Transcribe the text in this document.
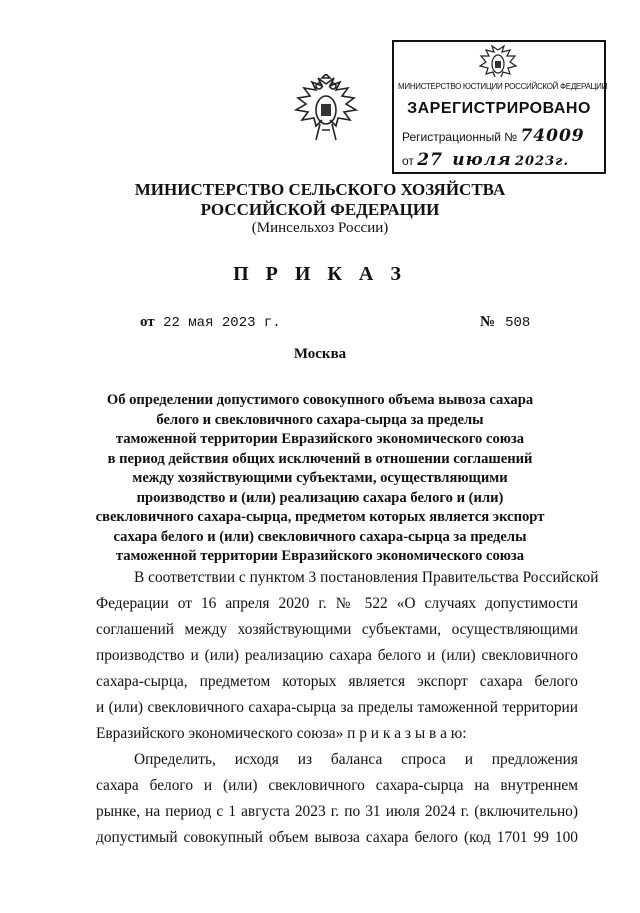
МИНИСТЕРСТВО ЮСТИЦИИ РОССИЙСКОЙ ФЕДЕРАЦИИ
ЗАРЕГИСТРИРОВАНО
Регистрационный № 74009
от 27 июля 2023г.
МИНИСТЕРСТВО СЕЛЬСКОГО ХОЗЯЙСТВА
РОССИЙСКОЙ ФЕДЕРАЦИИ
(Минсельхоз России)
П Р И К А З
от 22 мая 2023 г.	№ 508
Москва
Об определении допустимого совокупного объема вывоза сахара
белого и свекловичного сахара-сырца за пределы
таможенной территории Евразийского экономического союза
в период действия общих исключений в отношении соглашений
между хозяйствующими субъектами, осуществляющими
производство и (или) реализацию сахара белого и (или)
свекловичного сахара-сырца, предметом которых является экспорт
сахара белого и (или) свекловичного сахара-сырца за пределы
таможенной территории Евразийского экономического союза
В соответствии с пунктом 3 постановления Правительства Российской
Федерации от 16 апреля 2020 г. № 522 «О случаях допустимости
соглашений между хозяйствующими субъектами, осуществляющими
производство и (или) реализацию сахара белого и (или) свекловичного
сахара-сырца, предметом которых является экспорт сахара белого
и (или) свекловичного сахара-сырца за пределы таможенной территории
Евразийского экономического союза» п р и к а з ы в а ю:
Определить, исходя из баланса спроса и предложения
сахара белого и (или) свекловичного сахара-сырца на внутреннем
рынке, на период с 1 августа 2023 г. по 31 июля 2024 г. (включительно)
допустимый совокупный объем вывоза сахара белого (код 1701 99 100
